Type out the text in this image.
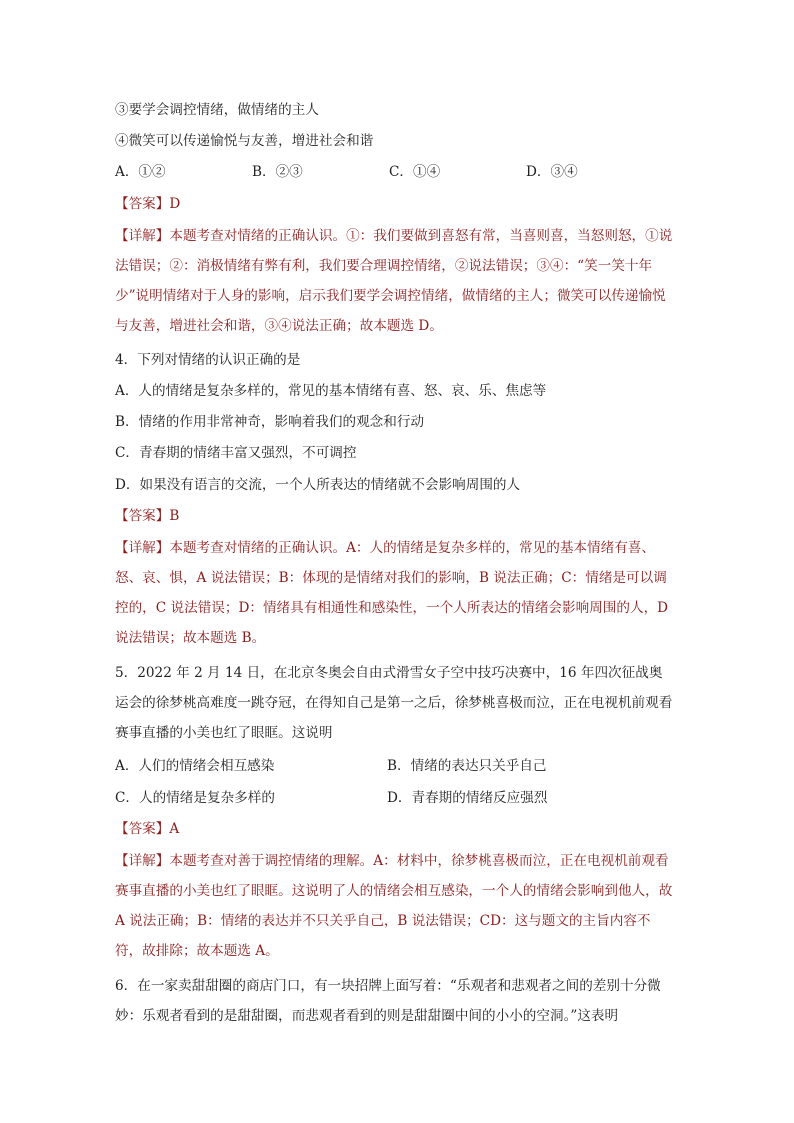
③要学会调控情绪，做情绪的主人
④微笑可以传递愉悦与友善，增进社会和谐
A．①②	B．②③	C．①④	D．③④
【答案】D

【详解】本题考查对情绪的正确认识。①：我们要做到喜怒有常，当喜则喜，当怒则怒，①说法错误；②：消极情绪有弊有利，我们要合理调控情绪，②说法错误；③④：“笑一笑十年少”说明情绪对于人身的影响，启示我们要学会调控情绪，做情绪的主人；微笑可以传递愉悦与友善，增进社会和谐，③④说法正确；故本题选 D。

4．下列对情绪的认识正确的是
A．人的情绪是复杂多样的，常见的基本情绪有喜、怒、哀、乐、焦虑等
B．情绪的作用非常神奇，影响着我们的观念和行动
C．青春期的情绪丰富又强烈，不可调控
D．如果没有语言的交流，一个人所表达的情绪就不会影响周围的人
【答案】B

【详解】本题考查对情绪的正确认识。A：人的情绪是复杂多样的，常见的基本情绪有喜、怒、哀、惧，A 说法错误；B：体现的是情绪对我们的影响，B 说法正确；C：情绪是可以调控的，C 说法错误；D：情绪具有相通性和感染性，一个人所表达的情绪会影响周围的人，D 说法错误；故本题选 B。

5．2022 年 2 月 14 日，在北京冬奥会自由式滑雪女子空中技巧决赛中，16 年四次征战奥运会的徐梦桃高难度一跳夺冠，在得知自己是第一之后，徐梦桃喜极而泣，正在电视机前观看赛事直播的小美也红了眼眶。这说明

A．人们的情绪会相互感染	B．情绪的表达只关乎自己
C．人的情绪是复杂多样的	D．青春期的情绪反应强烈
【答案】A

【详解】本题考查对善于调控情绪的理解。A：材料中，徐梦桃喜极而泣，正在电视机前观看赛事直播的小美也红了眼眶。这说明了人的情绪会相互感染，一个人的情绪会影响到他人，故 A 说法正确；B：情绪的表达并不只关乎自己，B 说法错误；CD：这与题文的主旨内容不符，故排除；故本题选 A。

6．在一家卖甜甜圈的商店门口，有一块招牌上面写着：“乐观者和悲观者之间的差别十分微妙：乐观者看到的是甜甜圈，而悲观者看到的则是甜甜圈中间的小小的空洞。”这表明
